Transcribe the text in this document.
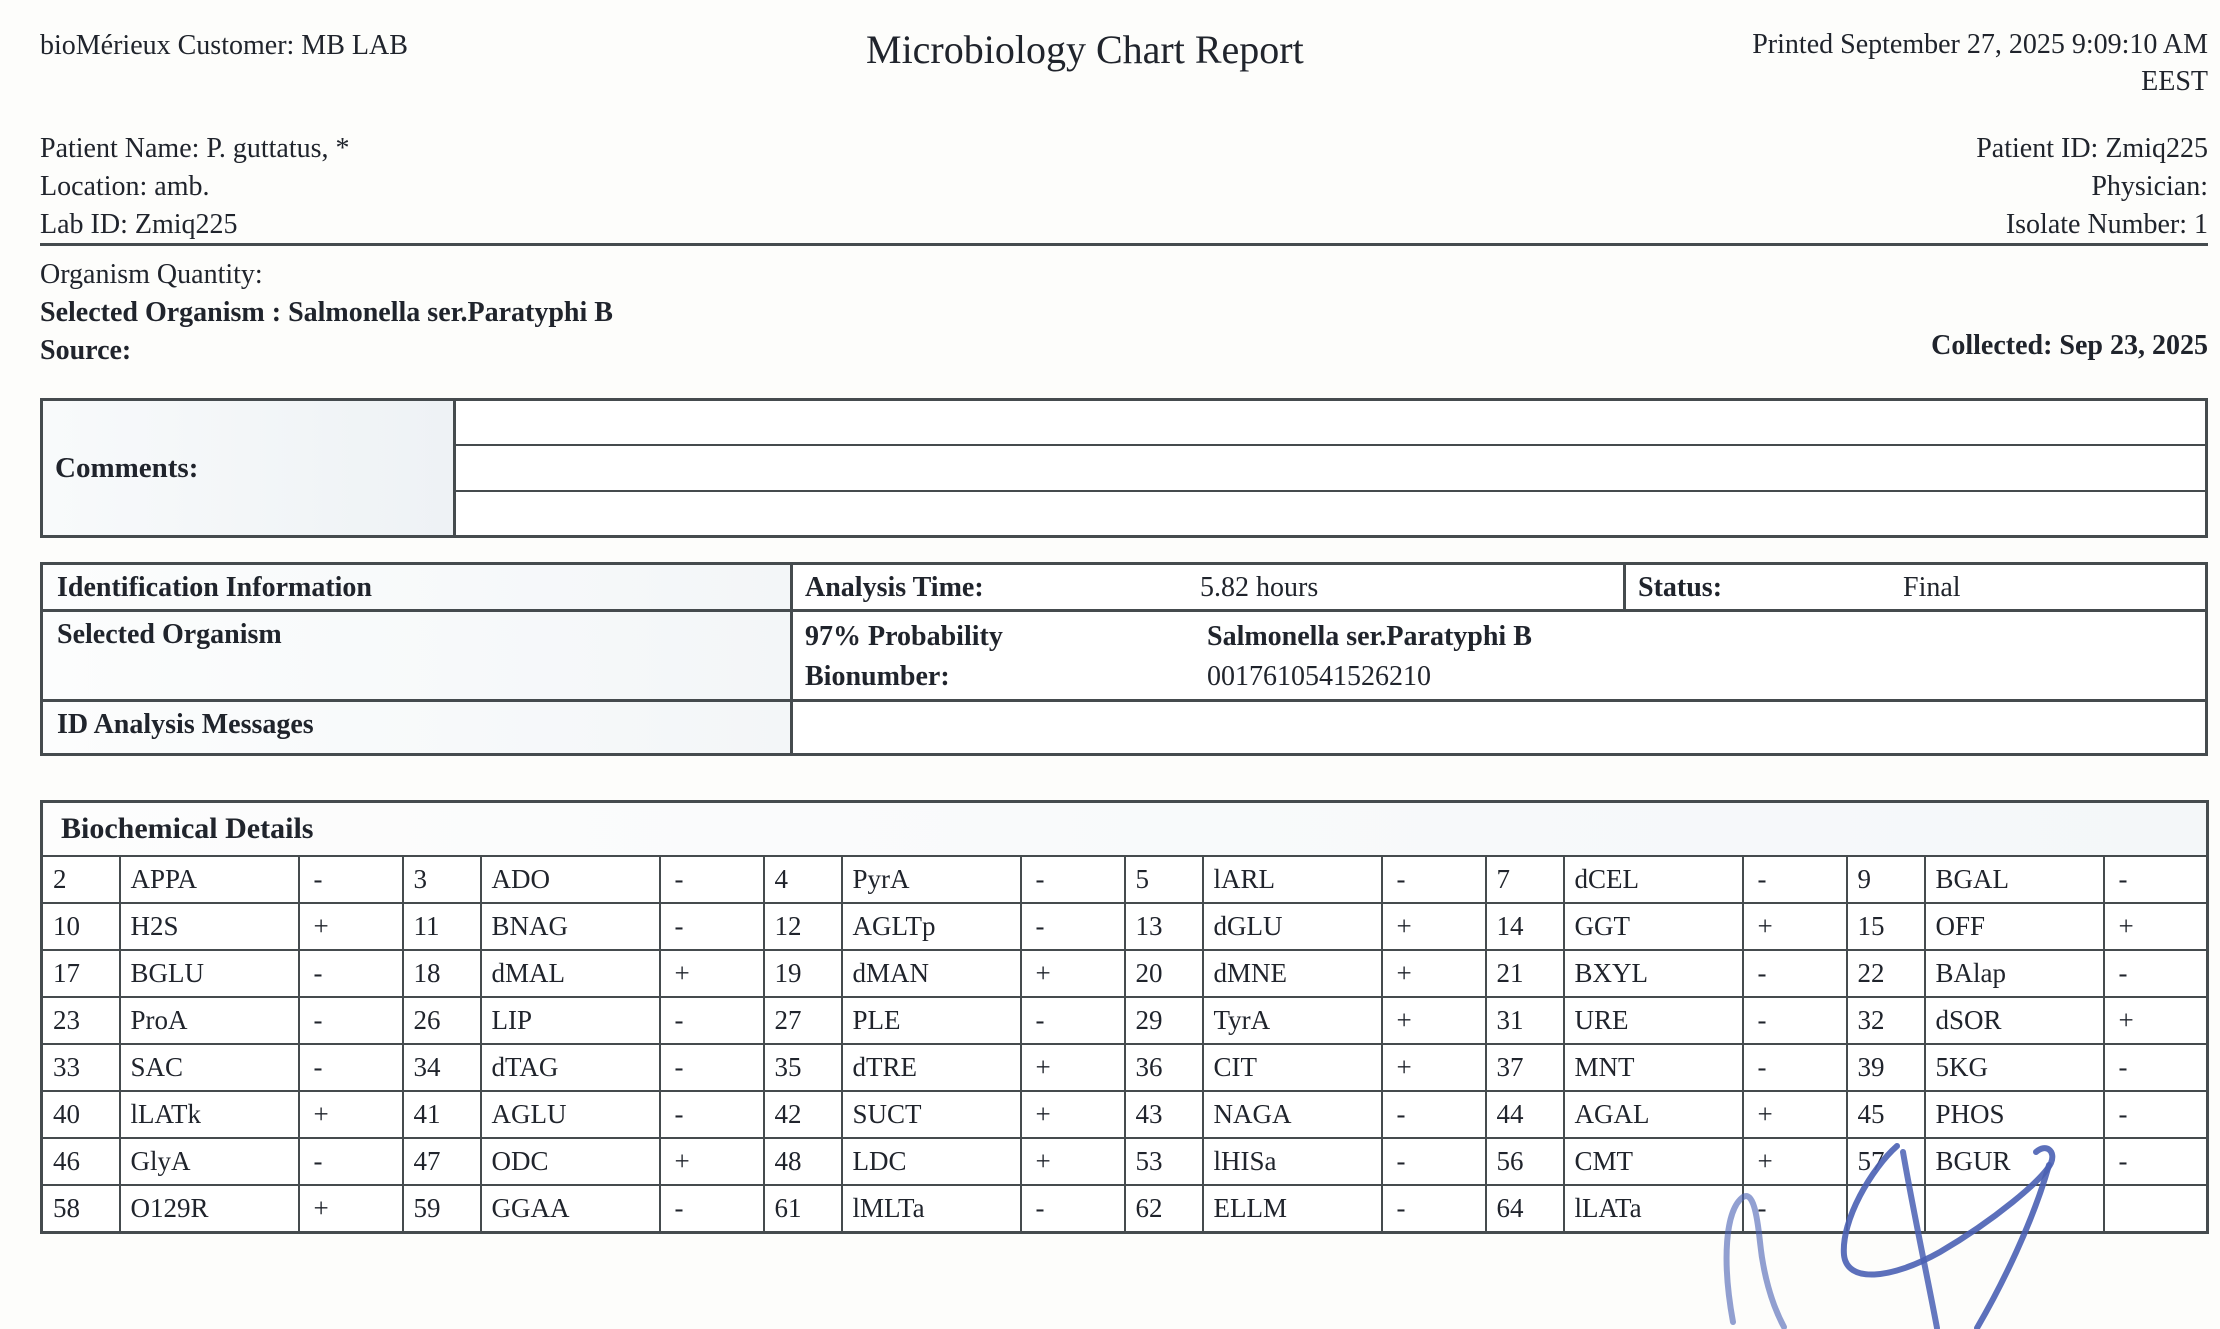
bioMérieux Customer: MB LAB	Microbiology Chart Report	Printed September 27, 2025 9:09:10 AM
EEST
Patient Name: P. guttatus, *
Location: amb.
Lab ID: Zmiq225
Patient ID: Zmiq225
Physician:
Isolate Number: 1
Organism Quantity:
Selected Organism : Salmonella ser.Paratyphi B
Source:	Collected: Sep 23, 2025
Comments:
Identification Information	Analysis Time:	5.82 hours	Status:	Final
Selected Organism	97% Probability	Salmonella ser.Paratyphi B
Bionumber:	0017610541526210
ID Analysis Messages
Biochemical Details																	
2	APPA	-	3	ADO	-	4	PyrA	-	5	lARL	-	7	dCEL	-	9	BGAL	-
10	H2S	+	11	BNAG	-	12	AGLTp	-	13	dGLU	+	14	GGT	+	15	OFF	+
17	BGLU	-	18	dMAL	+	19	dMAN	+	20	dMNE	+	21	BXYL	-	22	BAlap	-
23	ProA	-	26	LIP	-	27	PLE	-	29	TyrA	+	31	URE	-	32	dSOR	+
33	SAC	-	34	dTAG	-	35	dTRE	+	36	CIT	+	37	MNT	-	39	5KG	-
40	lLATk	+	41	AGLU	-	42	SUCT	+	43	NAGA	-	44	AGAL	+	45	PHOS	-
46	GlyA	-	47	ODC	+	48	LDC	+	53	lHISa	-	56	CMT	+	57	BGUR	-
58	O129R	+	59	GGAA	-	61	lMLTa	-	62	ELLM	-	64	lLATa	-			
